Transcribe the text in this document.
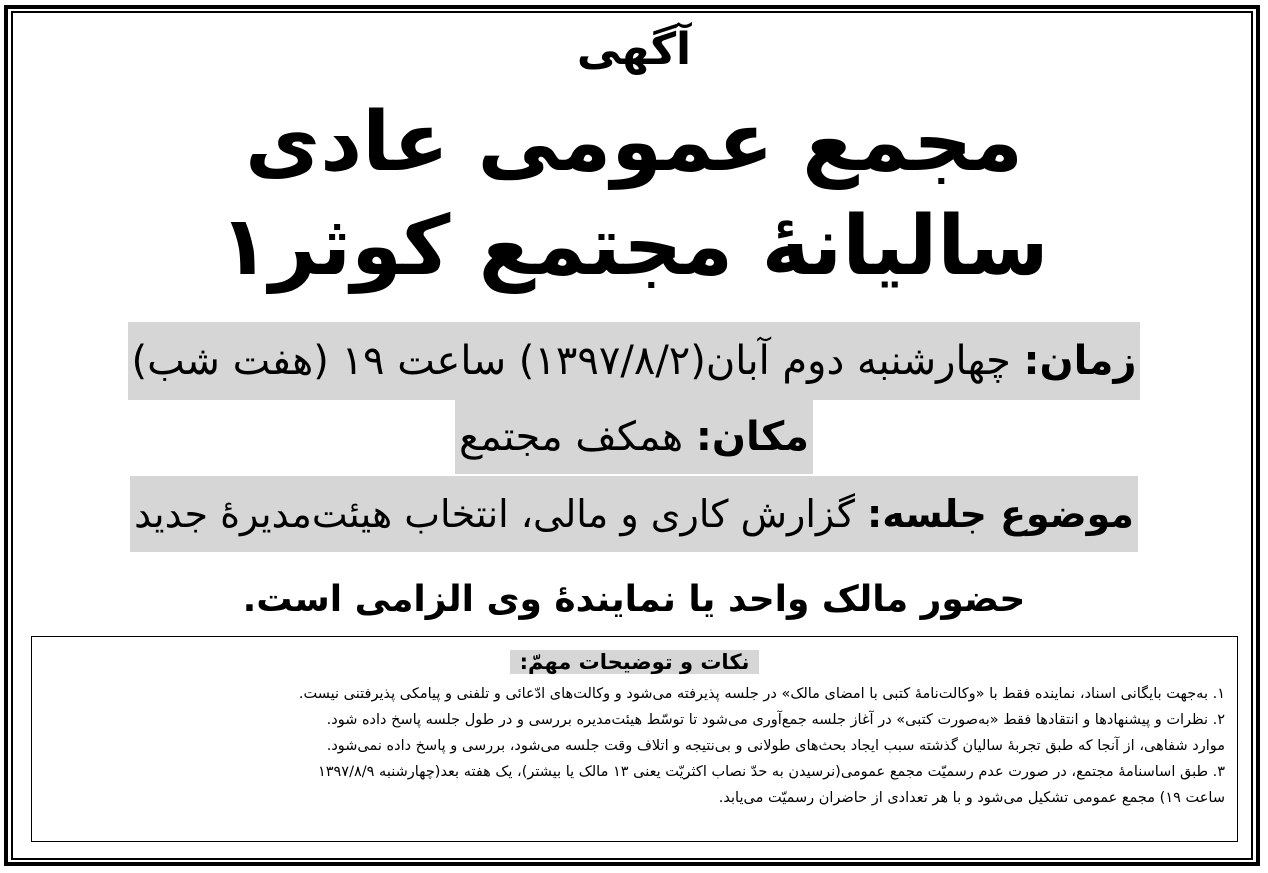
آگهی
مجمع عمومی عادی
سالیانهٔ مجتمع کوثر۱
زمان: چهارشنبه دوم آبان(۱۳۹۷/۸/۲) ساعت ۱۹ (هفت شب)
مکان: همکف مجتمع
موضوع جلسه: گزارش کاری و مالی، انتخاب هیئت‌مدیرهٔ جدید
حضور مالک واحد یا نمایندهٔ وی الزامی است.
نکات و توضیحات مهمّ:
۱. به‌جهت بایگانی اسناد، نماینده فقط با «وکالت‌نامهٔ کتبی با امضای مالک» در جلسه پذیرفته می‌شود و وکالت‌های ادّعائی و تلفنی و پیامکی پذیرفتنی نیست.
۲. نظرات و پیشنهادها و انتقادها فقط «به‌صورت کتبی» در آغاز جلسه جمع‌آوری می‌شود تا توسّط هیئت‌مدیره بررسی و در طول جلسه پاسخ داده شود.
موارد شفاهی، از آنجا که طبق تجربهٔ سالیان گذشته سبب ایجاد بحث‌های طولانی و بی‌نتیجه و اتلاف وقت جلسه می‌شود، بررسی و پاسخ داده نمی‌شود.
۳. طبق اساسنامهٔ مجتمع، در صورت عدم رسمیّت مجمع عمومی(نرسیدن به حدّ نصاب اکثریّت یعنی ۱۳ مالک یا بیشتر)، یک هفته بعد(چهارشنبه ۱۳۹۷/۸/۹
ساعت ۱۹) مجمع عمومی تشکیل می‌شود و با هر تعدادی از حاضران رسمیّت می‌یابد.
